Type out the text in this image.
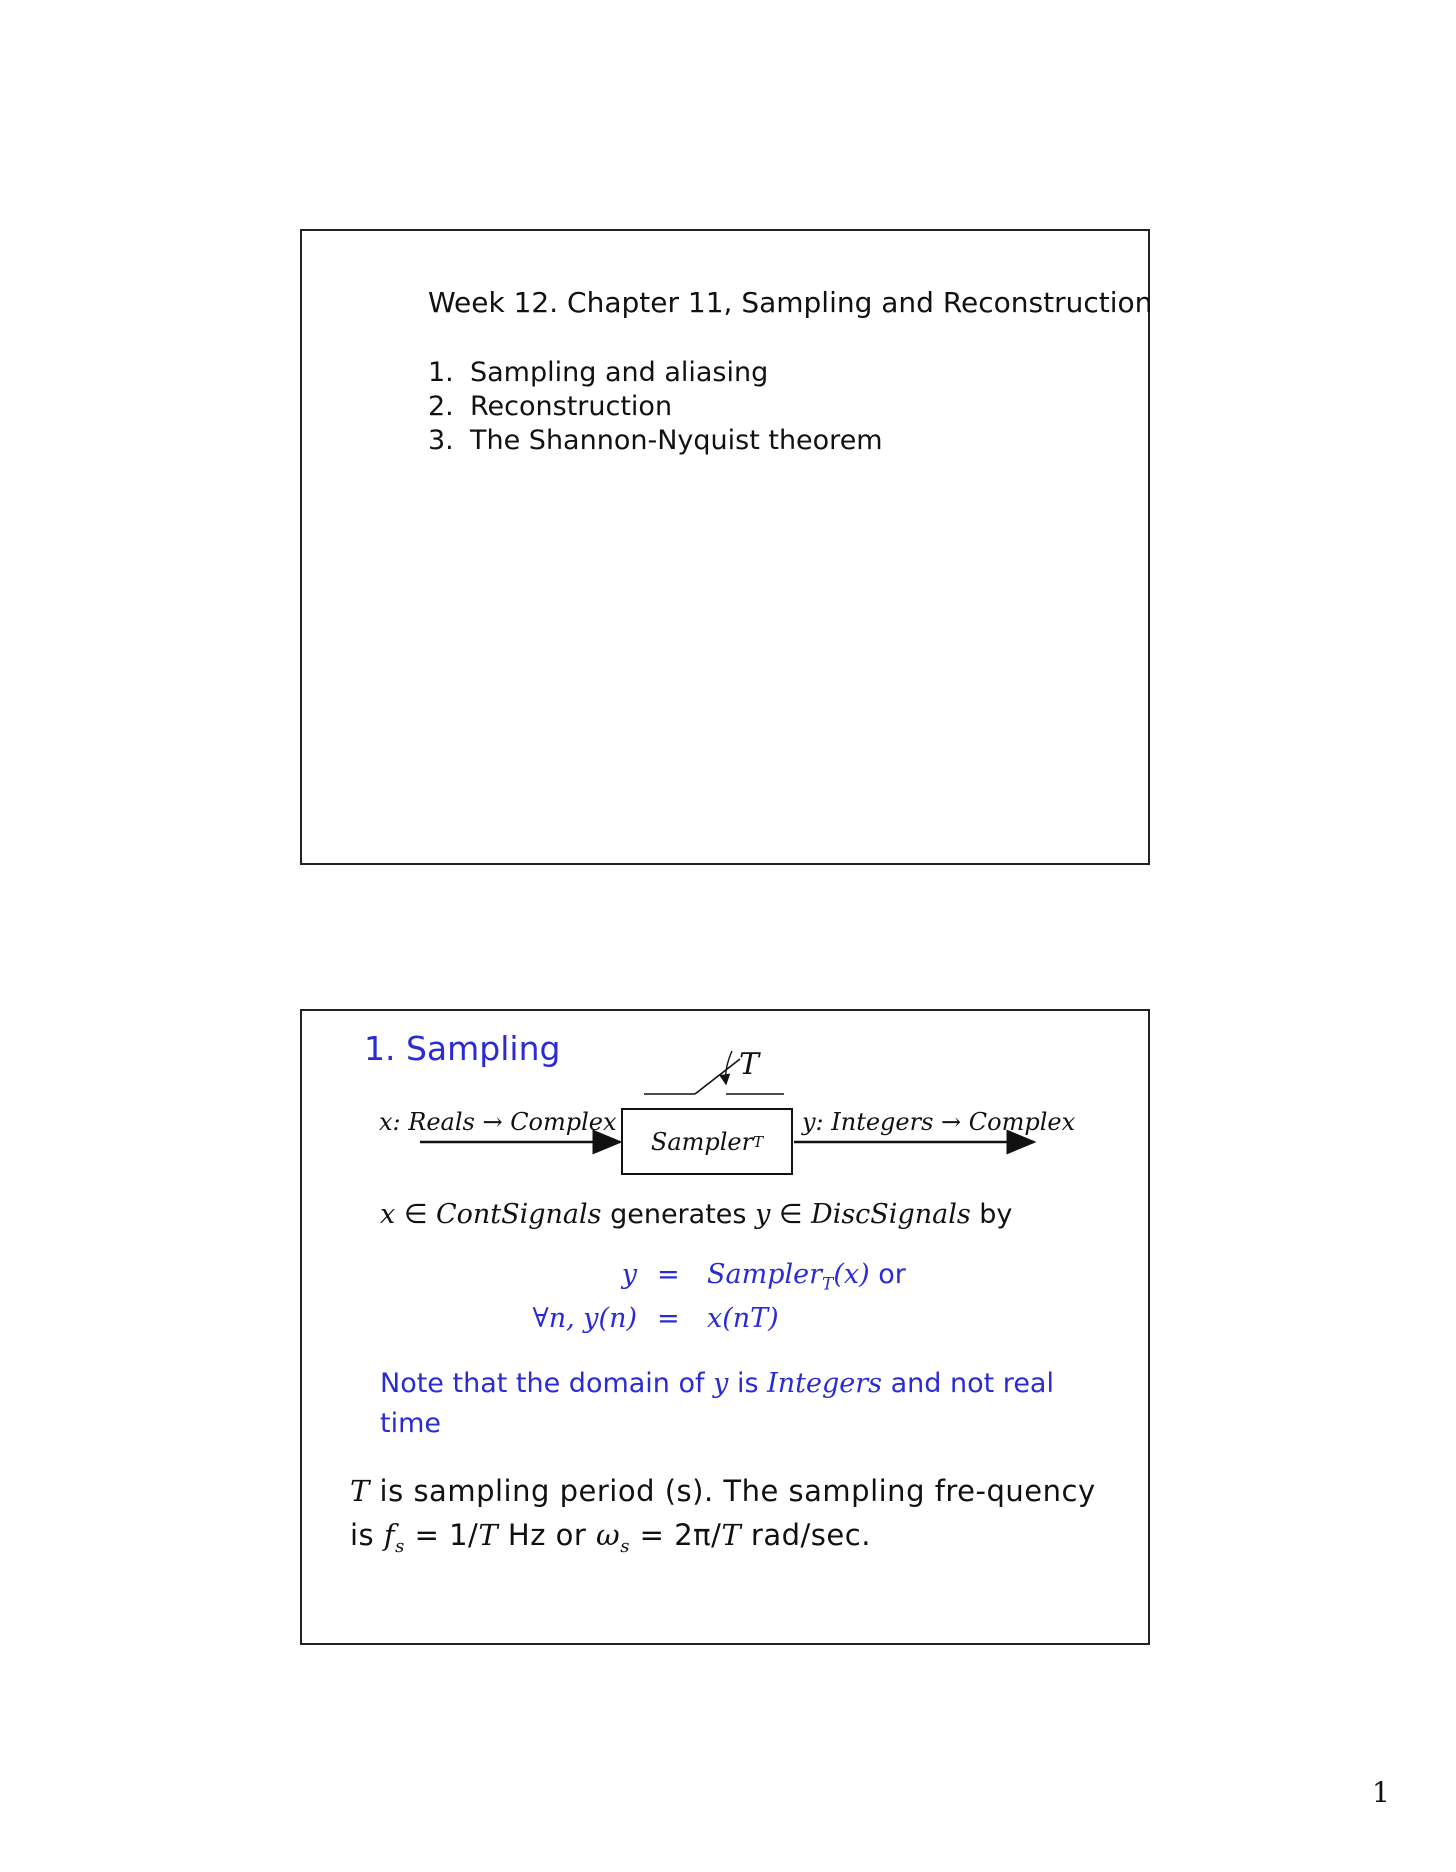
Week 12. Chapter 11, Sampling and Reconstruction
1. Sampling and aliasing
2. Reconstruction
3. The Shannon-Nyquist theorem
1. Sampling	T
x: Reals → Complex	y: Integers → Complex
Sampler T
x ∈ ContSignals generates y ∈ DiscSignals by
y = Sampler$_T$(x) or
∀n, y(n) = x(nT)
Note that the domain of y is Integers and not real time
T is sampling period (s). The sampling fre-quency is $f_s = 1/T$ Hz or $\omega_s = 2\pi/T$ rad/sec.
1
